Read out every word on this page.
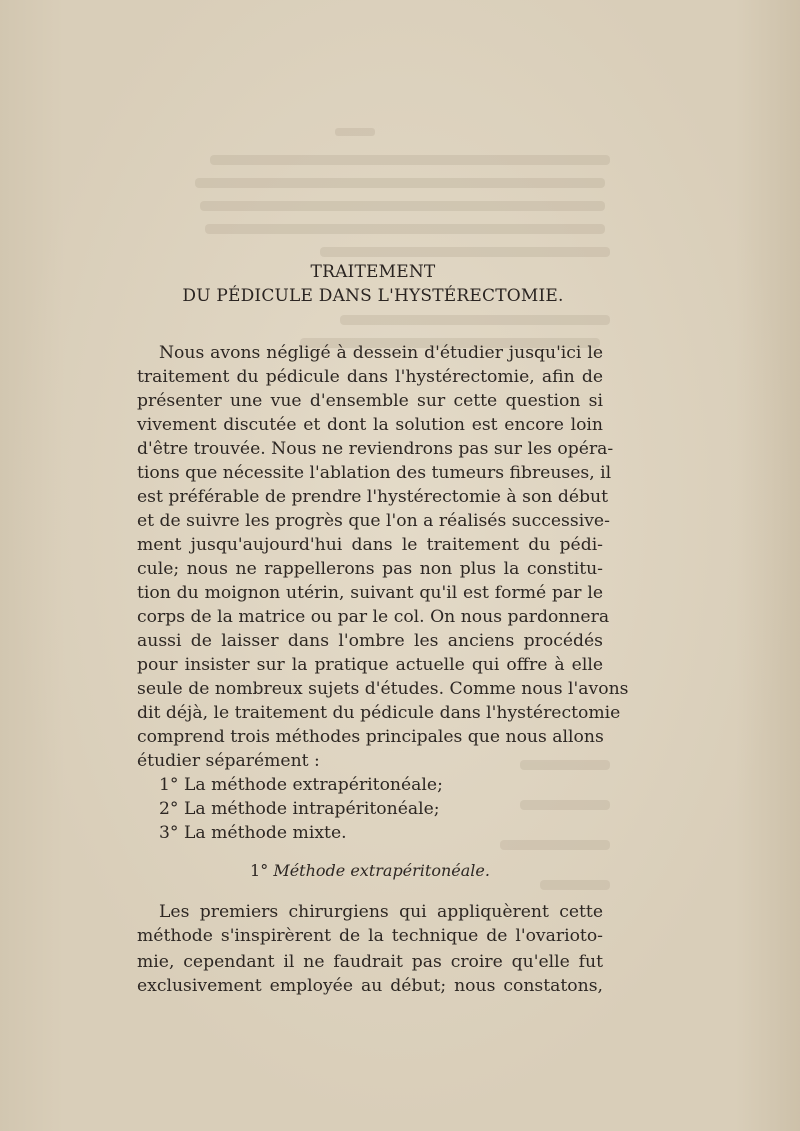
TRAITEMENT
DU PÉDICULE DANS L'HYSTÉRECTOMIE.
Nous avons négligé à dessein d'étudier jusqu'ici le
traitement du pédicule dans l'hystérectomie, afin de
présenter une vue d'ensemble sur cette question si
vivement discutée et dont la solution est encore loin
d'être trouvée. Nous ne reviendrons pas sur les opéra-
tions que nécessite l'ablation des tumeurs fibreuses, il
est préférable de prendre l'hystérectomie à son début
et de suivre les progrès que l'on a réalisés successive-
ment jusqu'aujourd'hui dans le traitement du pédi-
cule; nous ne rappellerons pas non plus la constitu-
tion du moignon utérin, suivant qu'il est formé par le
corps de la matrice ou par le col. On nous pardonnera
aussi de laisser dans l'ombre les anciens procédés
pour insister sur la pratique actuelle qui offre à elle
seule de nombreux sujets d'études. Comme nous l'avons
dit déjà, le traitement du pédicule dans l'hystérectomie
comprend trois méthodes principales que nous allons
étudier séparément :
1° La méthode extrapéritonéale;
2° La méthode intrapéritonéale;
3° La méthode mixte.
1° Méthode extrapéritonéale.
Les premiers chirurgiens qui appliquèrent cette
méthode s'inspirèrent de la technique de l'ovarioto-
mie, cependant il ne faudrait pas croire qu'elle fut
exclusivement employée au début; nous constatons,
